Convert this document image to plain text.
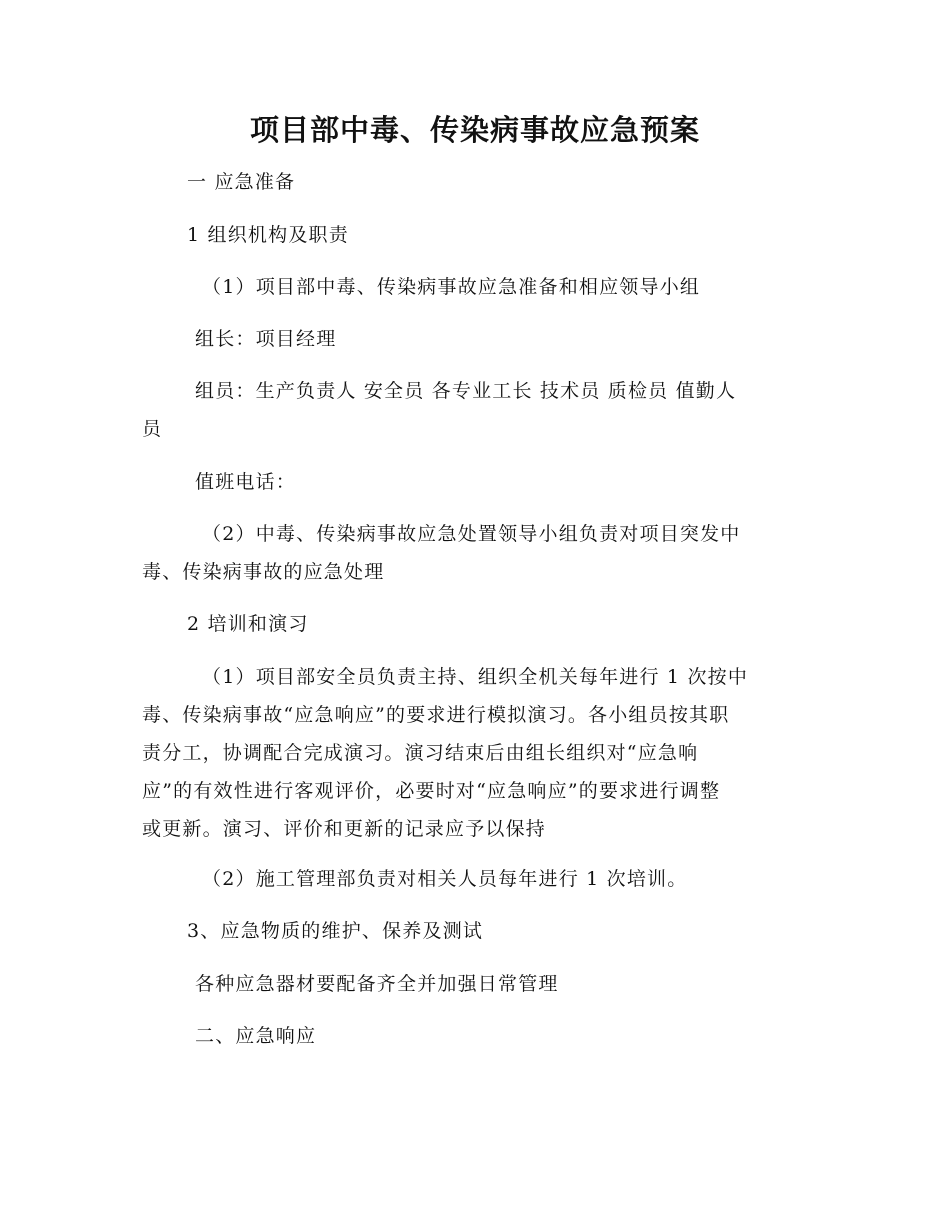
项目部中毒、传染病事故应急预案

一 应急准备

1 组织机构及职责

（1）项目部中毒、传染病事故应急准备和相应领导小组

组长：项目经理

组员：生产负责人 安全员 各专业工长 技术员 质检员 值勤人
员

值班电话：

（2）中毒、传染病事故应急处置领导小组负责对项目突发中
毒、传染病事故的应急处理

2 培训和演习

（1）项目部安全员负责主持、组织全机关每年进行 1 次按中
毒、传染病事故“应急响应”的要求进行模拟演习。各小组员按其职
责分工，协调配合完成演习。演习结束后由组长组织对“应急响
应”的有效性进行客观评价，必要时对“应急响应”的要求进行调整
或更新。演习、评价和更新的记录应予以保持

（2）施工管理部负责对相关人员每年进行 1 次培训。

3、应急物质的维护、保养及测试

各种应急器材要配备齐全并加强日常管理

二、应急响应
